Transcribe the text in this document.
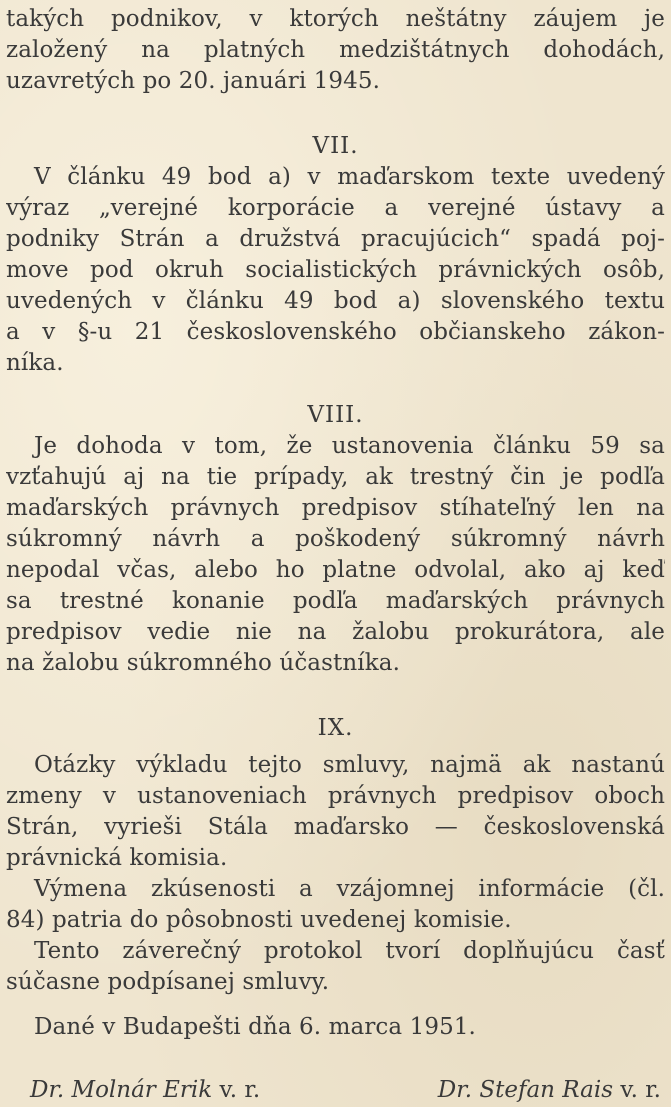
takých podnikov, v ktorých neštátny záujem je
založený na platných medzištátnych dohodách,
uzavretých po 20. januári 1945.
VII.
V článku 49 bod a) v maďarskom texte uvedený
výraz „verejné korporácie a verejné ústavy a
podniky Strán a družstvá pracujúcich“ spadá poj-
move pod okruh socialistických právnických osôb,
uvedených v článku 49 bod a) slovenského textu
a v §-u 21 československého občianskeho zákon-
níka.
VIII.
Je dohoda v tom, že ustanovenia článku 59 sa
vzťahujú aj na tie prípady, ak trestný čin je podľa
maďarských právnych predpisov stíhateľný len na
súkromný návrh a poškodený súkromný návrh
nepodal včas, alebo ho platne odvolal, ako aj keď
sa trestné konanie podľa maďarských právnych
predpisov vedie nie na žalobu prokurátora, ale
na žalobu súkromného účastníka.
IX.
Otázky výkladu tejto smluvy, najmä ak nastanú
zmeny v ustanoveniach právnych predpisov oboch
Strán, vyrieši Stála maďarsko — československá
právnická komisia.
Výmena zkúsenosti a vzájomnej informácie (čl.
84) patria do pôsobnosti uvedenej komisie.
Tento záverečný protokol tvorí doplňujúcu časť
súčasne podpísanej smluvy.
Dané v Budapešti dňa 6. marca 1951.
Dr. Molnár Erik v. r.	Dr. Stefan Rais v. r.
